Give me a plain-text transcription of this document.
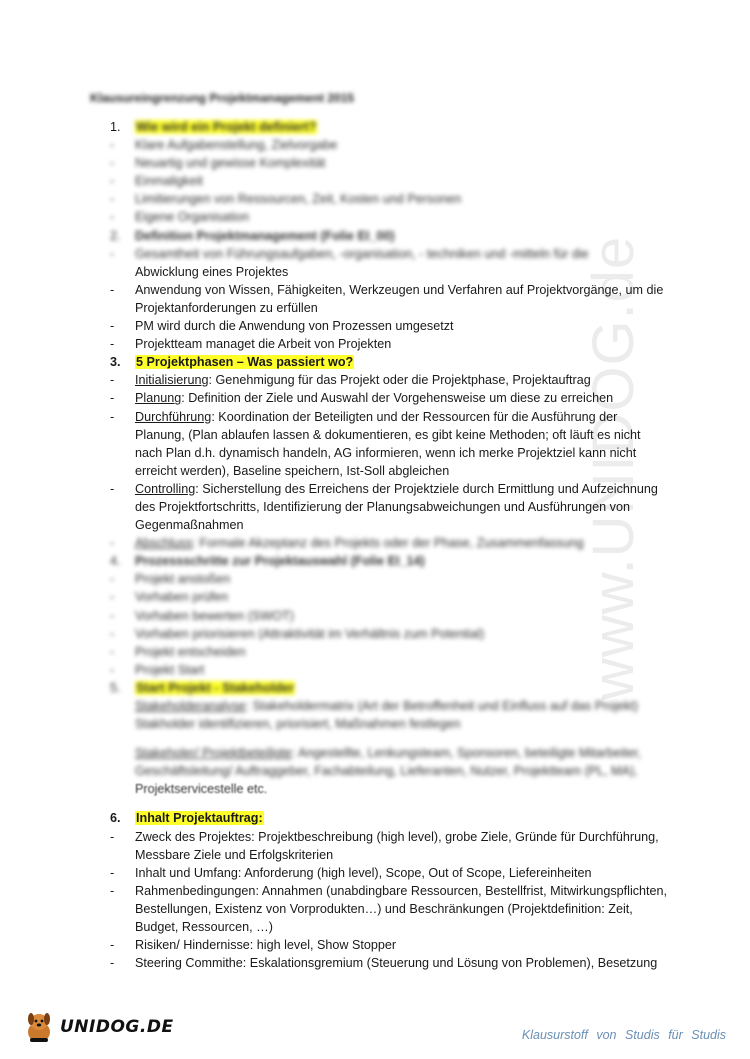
www.UNIDOG.de
Klausureingrenzung Projektmanagement 2015
1.	Wie wird ein Projekt definiert?
-	Klare Aufgabenstellung, Zielvorgabe
-	Neuartig und gewisse Komplexität
-	Einmaligkeit
-	Limitierungen von Ressourcen, Zeit, Kosten und Personen
-	Eigene Organisation
2.	Definition Projektmanagement (Folie EI_00)
-	Gesamtheit von Führungsaufgaben, -organisation, - techniken und -mitteln für die
Abwicklung eines Projektes
-	Anwendung von Wissen, Fähigkeiten, Werkzeugen und Verfahren auf Projektvorgänge, um die Projektanforderungen zu erfüllen
-	PM wird durch die Anwendung von Prozessen umgesetzt
-	Projektteam managet die Arbeit von Projekten
3.	5 Projektphasen – Was passiert wo?
-	Initialisierung: Genehmigung für das Projekt oder die Projektphase, Projektauftrag
-	Planung: Definition der Ziele und Auswahl der Vorgehensweise um diese zu erreichen
-	Durchführung: Koordination der Beteiligten und der Ressourcen für die Ausführung der Planung, (Plan ablaufen lassen & dokumentieren, es gibt keine Methoden; oft läuft es nicht nach Plan d.h. dynamisch handeln, AG informieren, wenn ich merke Projektziel kann nicht erreicht werden), Baseline speichern, Ist-Soll abgleichen
-	Controlling: Sicherstellung des Erreichens der Projektziele durch Ermittlung und Aufzeichnung des Projektfortschritts, Identifizierung der Planungsabweichungen und Ausführungen von Gegenmaßnahmen
-	Abschluss: Formale Akzeptanz des Projekts oder der Phase, Zusammenfassung
4.	Prozessschritte zur Projektauswahl (Folie EI_14)
-	Projekt anstoßen
-	Vorhaben prüfen
-	Vorhaben bewerten (SWOT)
-	Vorhaben priorisieren (Attraktivität im Verhältnis zum Potential)
-	Projekt entscheiden
-	Projekt Start
5.	Start Projekt - Stakeholder
Stakeholderanalyse: Stakeholdermatrix (Art der Betroffenheit und Einfluss auf das Projekt) Stakholder identifizieren, priorisiert, Maßnahmen festlegen
Stakeholer/ Projektbeteiligte: Angestellte, Lenkungsteam, Sponsoren, beteiligte Mitarbeiter, Geschäftsleitung/ Auftraggeber, Fachabteilung, Lieferanten, Nutzer, Projektteam (PL, MA),
Projektservicestelle etc.
6.	Inhalt Projektauftrag:
-	Zweck des Projektes: Projektbeschreibung (high level), grobe Ziele, Gründe für Durchführung, Messbare Ziele und Erfolgskriterien
-	Inhalt und Umfang: Anforderung (high level), Scope, Out of Scope, Liefereinheiten
-	Rahmenbedingungen: Annahmen (unabdingbare Ressourcen, Bestellfrist, Mitwirkungspflichten, Bestellungen, Existenz von Vorprodukten…) und Beschränkungen (Projektdefinition: Zeit, Budget, Ressourcen, …)
-	Risiken/ Hindernisse: high level, Show Stopper
-	Steering Commithe: Eskalationsgremium (Steuerung und Lösung von Problemen), Besetzung
UNIDOG.DE	Klausurstoff von Studis für Studis
